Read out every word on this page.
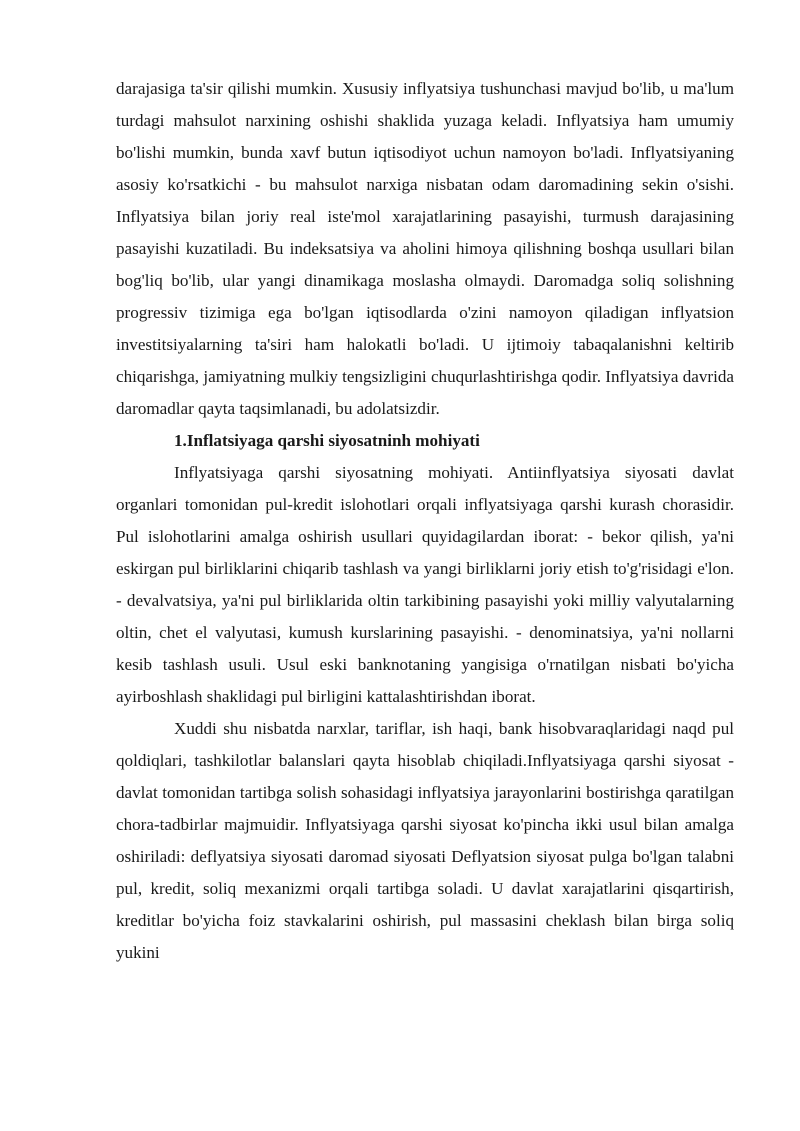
darajasiga ta'sir qilishi mumkin. Xususiy inflyatsiya tushunchasi mavjud bo'lib, u ma'lum turdagi mahsulot narxining oshishi shaklida yuzaga keladi. Inflyatsiya ham umumiy bo'lishi mumkin, bunda xavf butun iqtisodiyot uchun namoyon bo'ladi. Inflyatsiyaning asosiy ko'rsatkichi - bu mahsulot narxiga nisbatan odam daromadining sekin o'sishi. Inflyatsiya bilan joriy real iste'mol xarajatlarining pasayishi, turmush darajasining pasayishi kuzatiladi. Bu indeksatsiya va aholini himoya qilishning boshqa usullari bilan bog'liq bo'lib, ular yangi dinamikaga moslasha olmaydi. Daromadga soliq solishning progressiv tizimiga ega bo'lgan iqtisodlarda o'zini namoyon qiladigan inflyatsion investitsiyalarning ta'siri ham halokatli bo'ladi. U ijtimoiy tabaqalanishni keltirib chiqarishga, jamiyatning mulkiy tengsizligini chuqurlashtirishga qodir. Inflyatsiya davrida daromadlar qayta taqsimlanadi, bu adolatsizdir.

1.Inflatsiyaga qarshi siyosatninh mohiyati

Inflyatsiyaga qarshi siyosatning mohiyati. Antiinflyatsiya siyosati davlat organlari tomonidan pul-kredit islohotlari orqali inflyatsiyaga qarshi kurash chorasidir. Pul islohotlarini amalga oshirish usullari quyidagilardan iborat: - bekor qilish, ya'ni eskirgan pul birliklarini chiqarib tashlash va yangi birliklarni joriy etish to'g'risidagi e'lon. - devalvatsiya, ya'ni pul birliklarida oltin tarkibining pasayishi yoki milliy valyutalarning oltin, chet el valyutasi, kumush kurslarining pasayishi. - denominatsiya, ya'ni nollarni kesib tashlash usuli. Usul eski banknotaning yangisiga o'rnatilgan nisbati bo'yicha ayirboshlash shaklidagi pul birligini kattalashtirishdan iborat.

Xuddi shu nisbatda narxlar, tariflar, ish haqi, bank hisobvaraqlaridagi naqd pul qoldiqlari, tashkilotlar balanslari qayta hisoblab chiqiladi.Inflyatsiyaga qarshi siyosat - davlat tomonidan tartibga solish sohasidagi inflyatsiya jarayonlarini bostirishga qaratilgan chora-tadbirlar majmuidir. Inflyatsiyaga qarshi siyosat ko'pincha ikki usul bilan amalga oshiriladi: deflyatsiya siyosati daromad siyosati Deflyatsion siyosat pulga bo'lgan talabni pul, kredit, soliq mexanizmi orqali tartibga soladi. U davlat xarajatlarini qisqartirish, kreditlar bo'yicha foiz stavkalarini oshirish, pul massasini cheklash bilan birga soliq yukini
